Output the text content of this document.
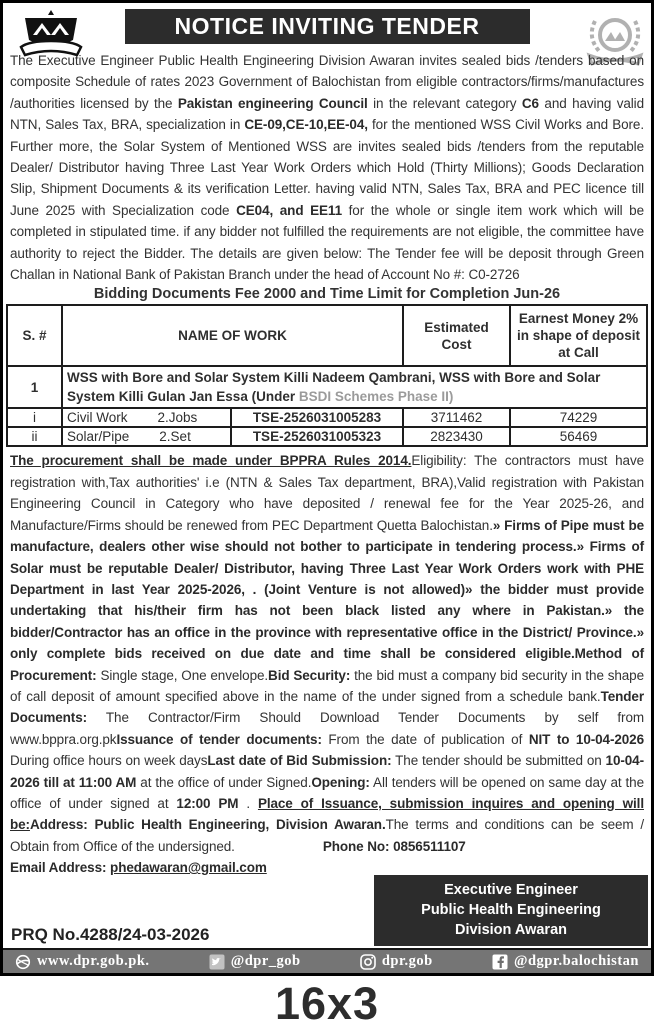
NOTICE INVITING TENDER

The Executive Engineer Public Health Engineering Division Awaran invites sealed bids /tenders based on composite Schedule of rates 2023 Government of Balochistan from eligible contractors/firms/manufactures /authorities licensed by the Pakistan engineering Council in the relevant category C6 and having valid NTN, Sales Tax, BRA, specialization in CE-09,CE-10,EE-04, for the mentioned WSS Civil Works and Bore. Further more, the Solar System of Mentioned WSS are invites sealed bids /tenders from the reputable Dealer/ Distributor having Three Last Year Work Orders which Hold (Thirty Millions); Goods Declaration Slip, Shipment Documents & its verification Letter. having valid NTN, Sales Tax, BRA and PEC licence till June 2025 with Specialization code CE04, and EE11 for the whole or single item work which will be completed in stipulated time. if any bidder not fulfilled the requirements are not eligible, the committee have authority to reject the Bidder. The details are given below: The Tender fee will be deposit through Green Challan in National Bank of Pakistan Branch under the head of Account No #: C0-2726

Bidding Documents Fee 2000 and Time Limit for Completion Jun-26
S. #	NAME OF WORK		Estimated Cost	Earnest Money 2% in shape of deposit at Call
1	WSS with Bore and Solar System Killi Nadeem Qambrani, WSS with Bore and Solar System Killi Gulan Jan Essa (Under BSDI Schemes Phase II)			
i	Civil Work 2.Jobs	TSE-2526031005283	3711462	74229
ii	Solar/Pipe 2.Set	TSE-2526031005323	2823430	56469

The procurement shall be made under BPPRA Rules 2014.Eligibility: The contractors must have registration with,Tax authorities' i.e (NTN & Sales Tax department, BRA),Valid registration with Pakistan Engineering Council in Category who have deposited / renewal fee for the Year 2025-26, and Manufacture/Firms should be renewed from PEC Department Quetta Balochistan.» Firms of Pipe must be manufacture, dealers other wise should not bother to participate in tendering process.» Firms of Solar must be reputable Dealer/ Distributor, having Three Last Year Work Orders work with PHE Department in last Year 2025-2026, . (Joint Venture is not allowed)» the bidder must provide undertaking that his/their firm has not been black listed any where in Pakistan.» the bidder/Contractor has an office in the province with representative office in the District/ Province.» only complete bids received on due date and time shall be considered eligible.Method of Procurement: Single stage, One envelope.Bid Security: the bid must a company bid security in the shape of call deposit of amount specified above in the name of the under signed from a schedule bank.Tender Documents: The Contractor/Firm Should Download Tender Documents by self from www.bppra.org.pkIssuance of tender documents: From the date of publication of NIT to 10-04-2026 During office hours on week daysLast date of Bid Submission: The tender should be submitted on 10-04-2026 till at 11:00 AM at the office of under Signed.Opening: All tenders will be opened on same day at the office of under signed at 12:00 PM . Place of Issuance, submission inquires and opening will be:Address: Public Health Engineering, Division Awaran.The terms and conditions can be seem / Obtain from Office of the undersigned.	Phone No: 0856511107
Email Address: phedawaran@gmail.com

PRQ No.4288/24-03-2026
Executive Engineer
Public Health Engineering
Division Awaran
www.dpr.gob.pk.	@dpr_gob	dpr.gob	@dgpr.balochistan
16x3
